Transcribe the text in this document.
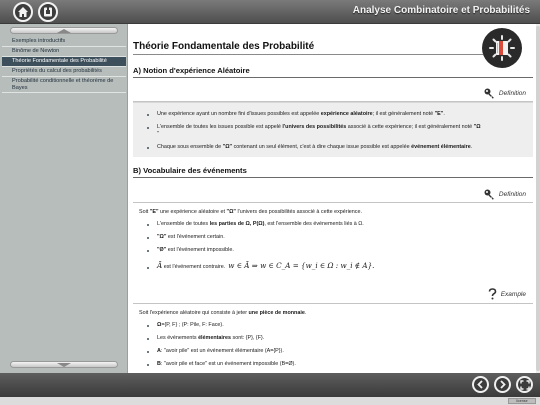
Analyse Combinatoire et Probabilités
Exemples introductifs
Binôme de Newton
Théorie Fondamentale des Probabilité
Propriétés du calcul des probabilités
Probabilité conditionnelle et théorème de Bayes
Théorie Fondamentale des Probabilité
A) Notion d'expérience Aléatoire
Definition
Une expérience ayant un nombre fini d'issues possibles est appelée expérience aléatoire; il est généralement noté "E".
L'ensemble de toutes les issues possible est appelé l'univers des possibilités associé à cette expérience; il est généralement noté "Ω
"
Chaque sous ensemble de "Ω" contenant un seul élément, c'est à dire chaque issue possible est appelée événement élémentaire.
B) Vocabulaire des événements
Definition
Soit "E" une expérience aléatoire et "Ω" l'univers des possibilités associé à cette expérience.
L'ensemble de toutes les parties de Ω, P(Ω), est l'ensemble des événements liés à Ω.
"Ω" est l'événement certain.
"Ø" est l'événement impossible.
Ā est l'événement contraire. w ∈ Ā ⇒ w ∈ C_A = {w_i ∈ Ω : w_i ∉ A}.
Example
Soit l'expérience aléatoire qui consiste à jeter une pièce de monnaie.
Ω={P, F} ; (P: Pile, F: Face).
Les événements élémentaires sont: {P}, {F}.
A: "avoir pile" est un événement élémentaire (A={P}).
B: "avoir pile et face" est un événement impossible (B=Ø).
license
